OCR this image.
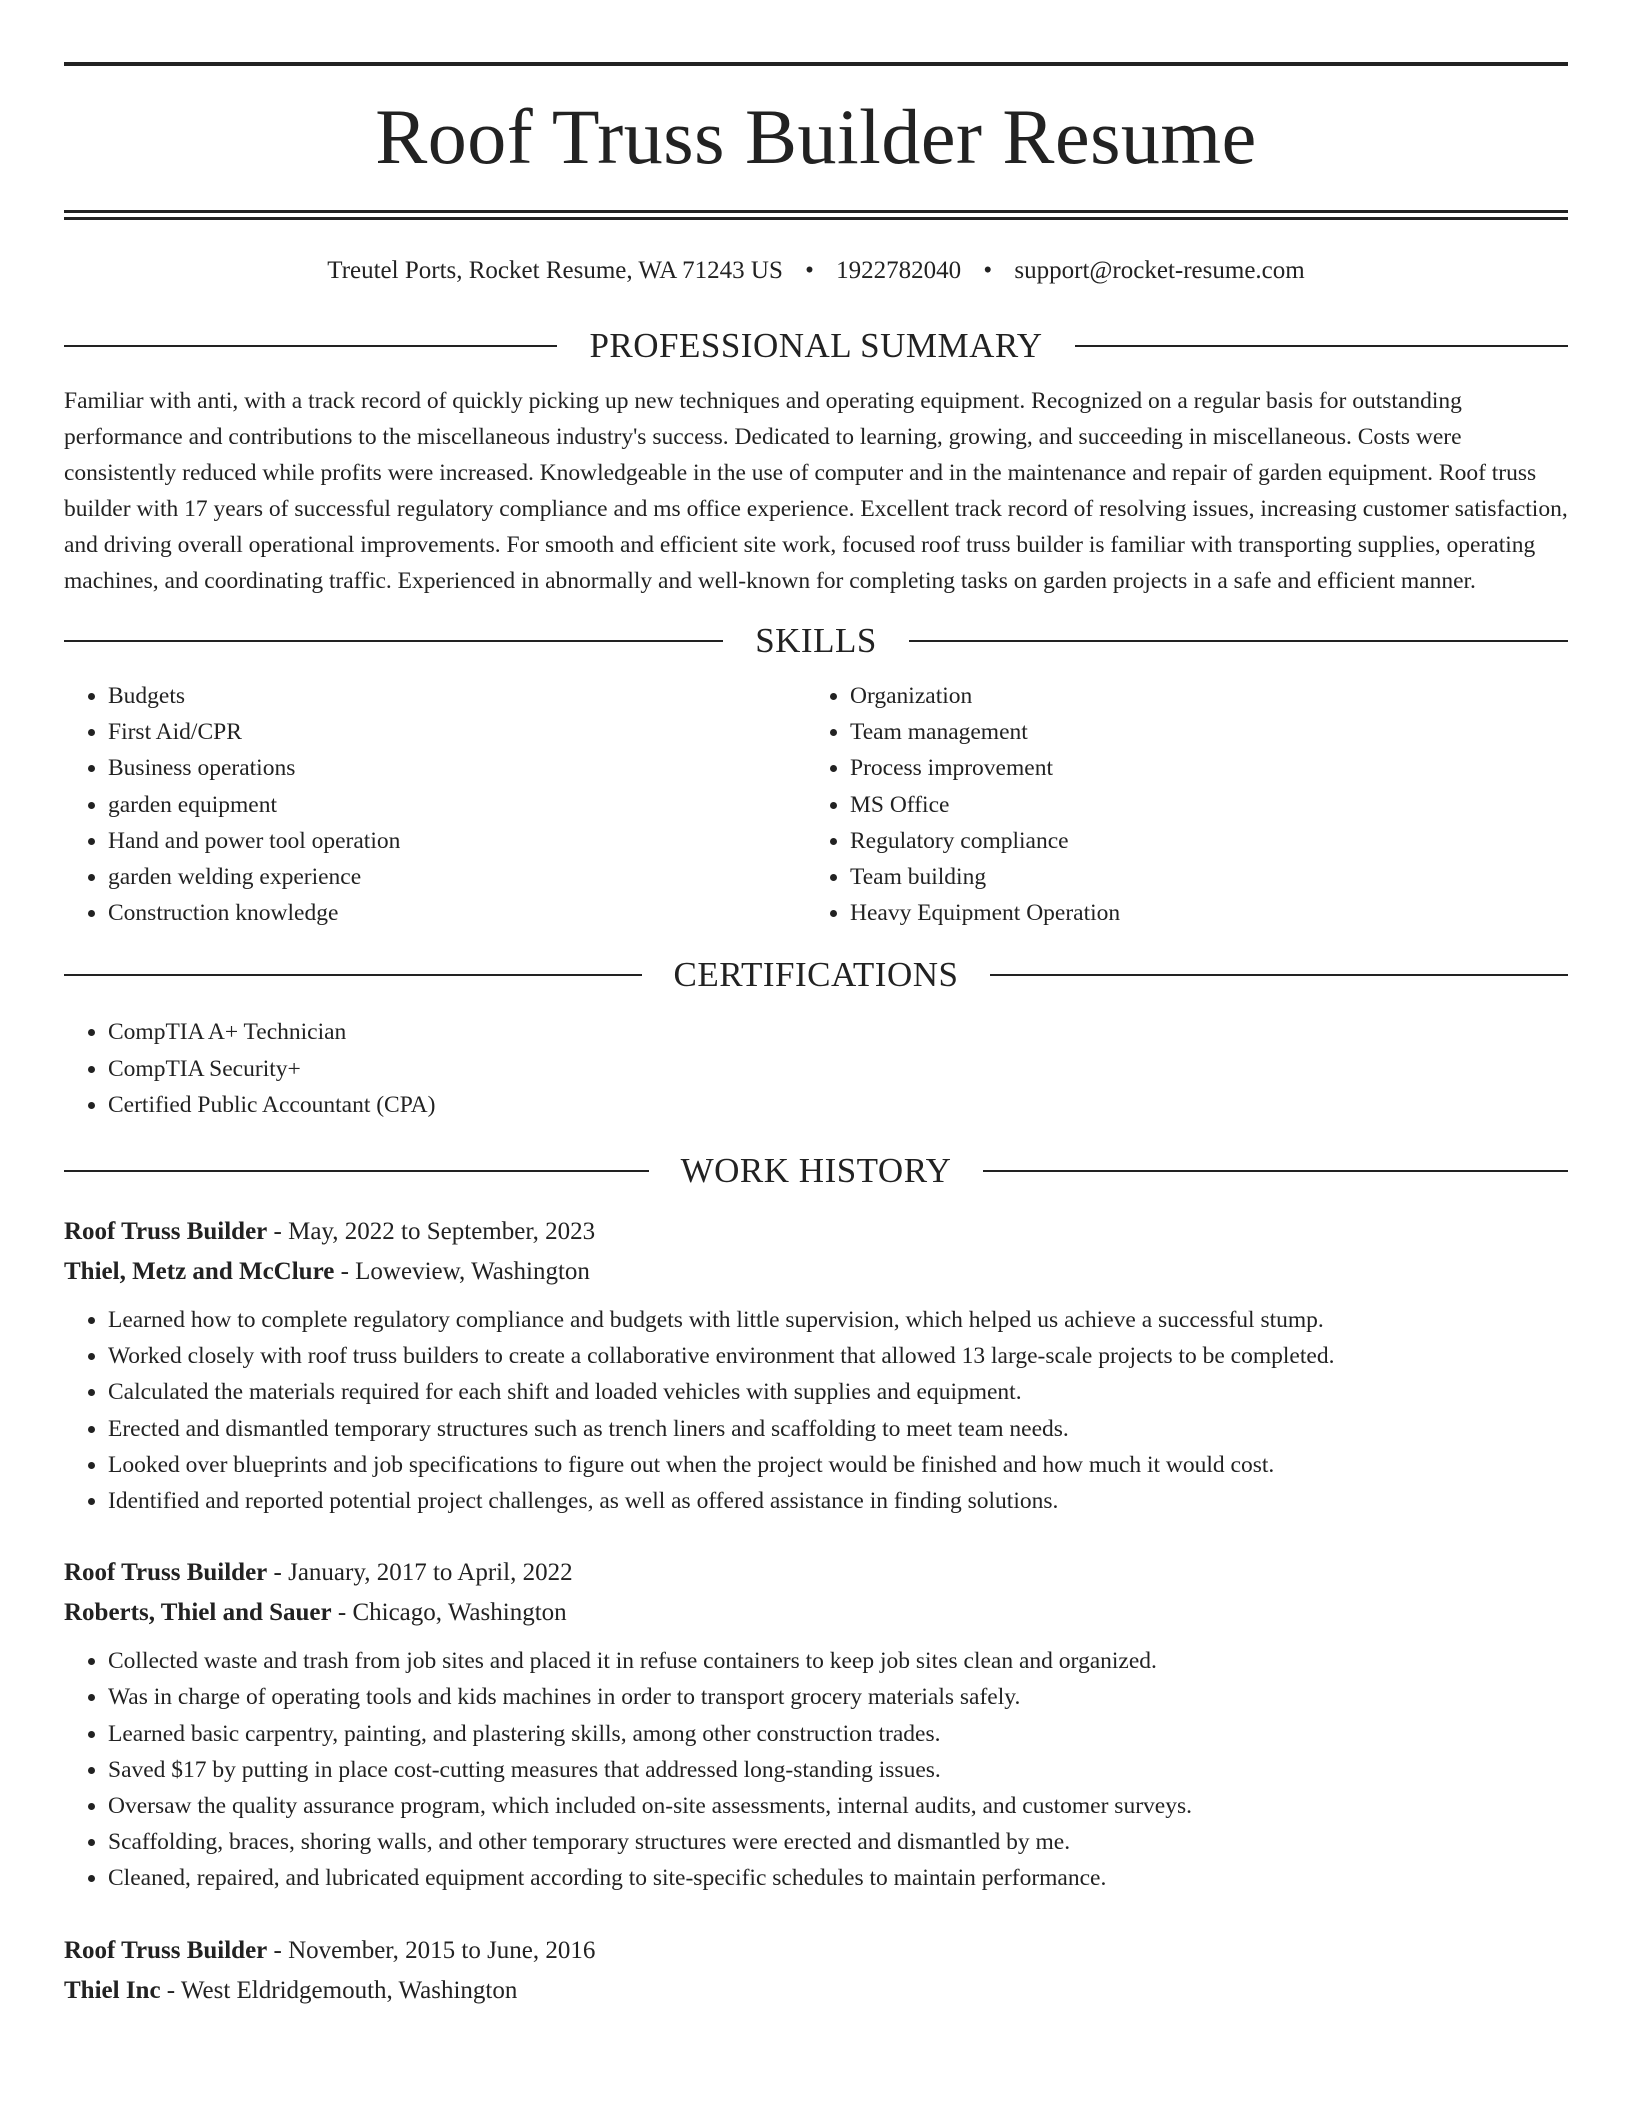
Roof Truss Builder Resume
Treutel Ports, Rocket Resume, WA 71243 US • 1922782040 • support@rocket-resume.com
PROFESSIONAL SUMMARY

Familiar with anti, with a track record of quickly picking up new techniques and operating equipment. Recognized on a regular basis for outstanding performance and contributions to the miscellaneous industry's success. Dedicated to learning, growing, and succeeding in miscellaneous. Costs were consistently reduced while profits were increased. Knowledgeable in the use of computer and in the maintenance and repair of garden equipment. Roof truss builder with 17 years of successful regulatory compliance and ms office experience. Excellent track record of resolving issues, increasing customer satisfaction, and driving overall operational improvements. For smooth and efficient site work, focused roof truss builder is familiar with transporting supplies, operating machines, and coordinating traffic. Experienced in abnormally and well-known for completing tasks on garden projects in a safe and efficient manner.

SKILLS
• Budgets
• First Aid/CPR
• Business operations
• garden equipment
• Hand and power tool operation
• garden welding experience
• Construction knowledge
• Organization
• Team management
• Process improvement
• MS Office
• Regulatory compliance
• Team building
• Heavy Equipment Operation
CERTIFICATIONS
• CompTIA A+ Technician
• CompTIA Security+
• Certified Public Accountant (CPA)
WORK HISTORY
Roof Truss Builder - May, 2022 to September, 2023
Thiel, Metz and McClure - Loweview, Washington
• Learned how to complete regulatory compliance and budgets with little supervision, which helped us achieve a successful stump.
• Worked closely with roof truss builders to create a collaborative environment that allowed 13 large-scale projects to be completed.
• Calculated the materials required for each shift and loaded vehicles with supplies and equipment.
• Erected and dismantled temporary structures such as trench liners and scaffolding to meet team needs.
• Looked over blueprints and job specifications to figure out when the project would be finished and how much it would cost.
• Identified and reported potential project challenges, as well as offered assistance in finding solutions.
Roof Truss Builder - January, 2017 to April, 2022
Roberts, Thiel and Sauer - Chicago, Washington
• Collected waste and trash from job sites and placed it in refuse containers to keep job sites clean and organized.
• Was in charge of operating tools and kids machines in order to transport grocery materials safely.
• Learned basic carpentry, painting, and plastering skills, among other construction trades.
• Saved $17 by putting in place cost-cutting measures that addressed long-standing issues.
• Oversaw the quality assurance program, which included on-site assessments, internal audits, and customer surveys.
• Scaffolding, braces, shoring walls, and other temporary structures were erected and dismantled by me.
• Cleaned, repaired, and lubricated equipment according to site-specific schedules to maintain performance.
Roof Truss Builder - November, 2015 to June, 2016
Thiel Inc - West Eldridgemouth, Washington
